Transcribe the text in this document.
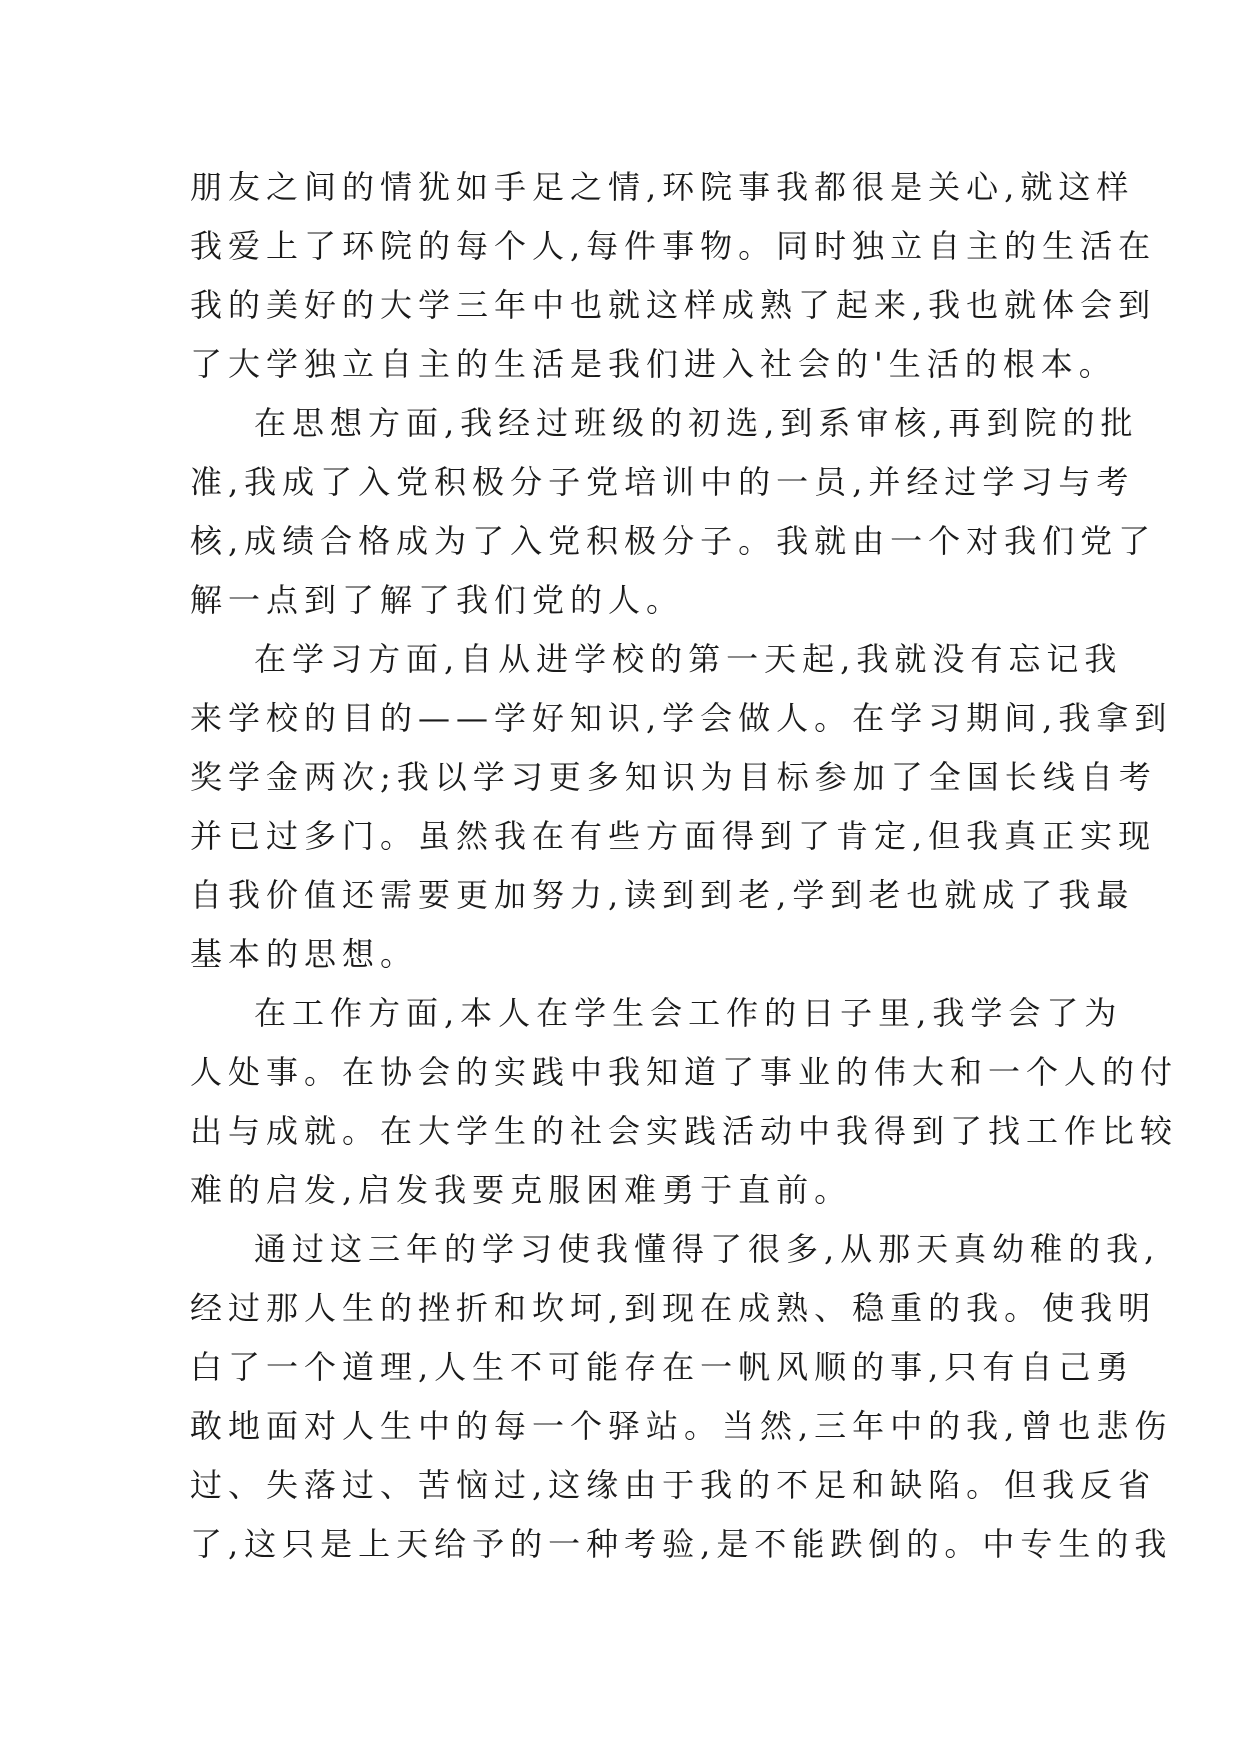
朋友之间的情犹如手足之情,环院事我都很是关心,就这样
我爱上了环院的每个人,每件事物。同时独立自主的生活在
我的美好的大学三年中也就这样成熟了起来,我也就体会到
了大学独立自主的生活是我们进入社会的'生活的根本。
在思想方面,我经过班级的初选,到系审核,再到院的批
准,我成了入党积极分子党培训中的一员,并经过学习与考
核,成绩合格成为了入党积极分子。我就由一个对我们党了
解一点到了解了我们党的人。
在学习方面,自从进学校的第一天起,我就没有忘记我
来学校的目的——学好知识,学会做人。在学习期间,我拿到
奖学金两次;我以学习更多知识为目标参加了全国长线自考
并已过多门。虽然我在有些方面得到了肯定,但我真正实现
自我价值还需要更加努力,读到到老,学到老也就成了我最
基本的思想。
在工作方面,本人在学生会工作的日子里,我学会了为
人处事。在协会的实践中我知道了事业的伟大和一个人的付
出与成就。在大学生的社会实践活动中我得到了找工作比较
难的启发,启发我要克服困难勇于直前。
通过这三年的学习使我懂得了很多,从那天真幼稚的我,
经过那人生的挫折和坎坷,到现在成熟、稳重的我。使我明
白了一个道理,人生不可能存在一帆风顺的事,只有自己勇
敢地面对人生中的每一个驿站。当然,三年中的我,曾也悲伤
过、失落过、苦恼过,这缘由于我的不足和缺陷。但我反省
了,这只是上天给予的一种考验,是不能跌倒的。中专生的我
